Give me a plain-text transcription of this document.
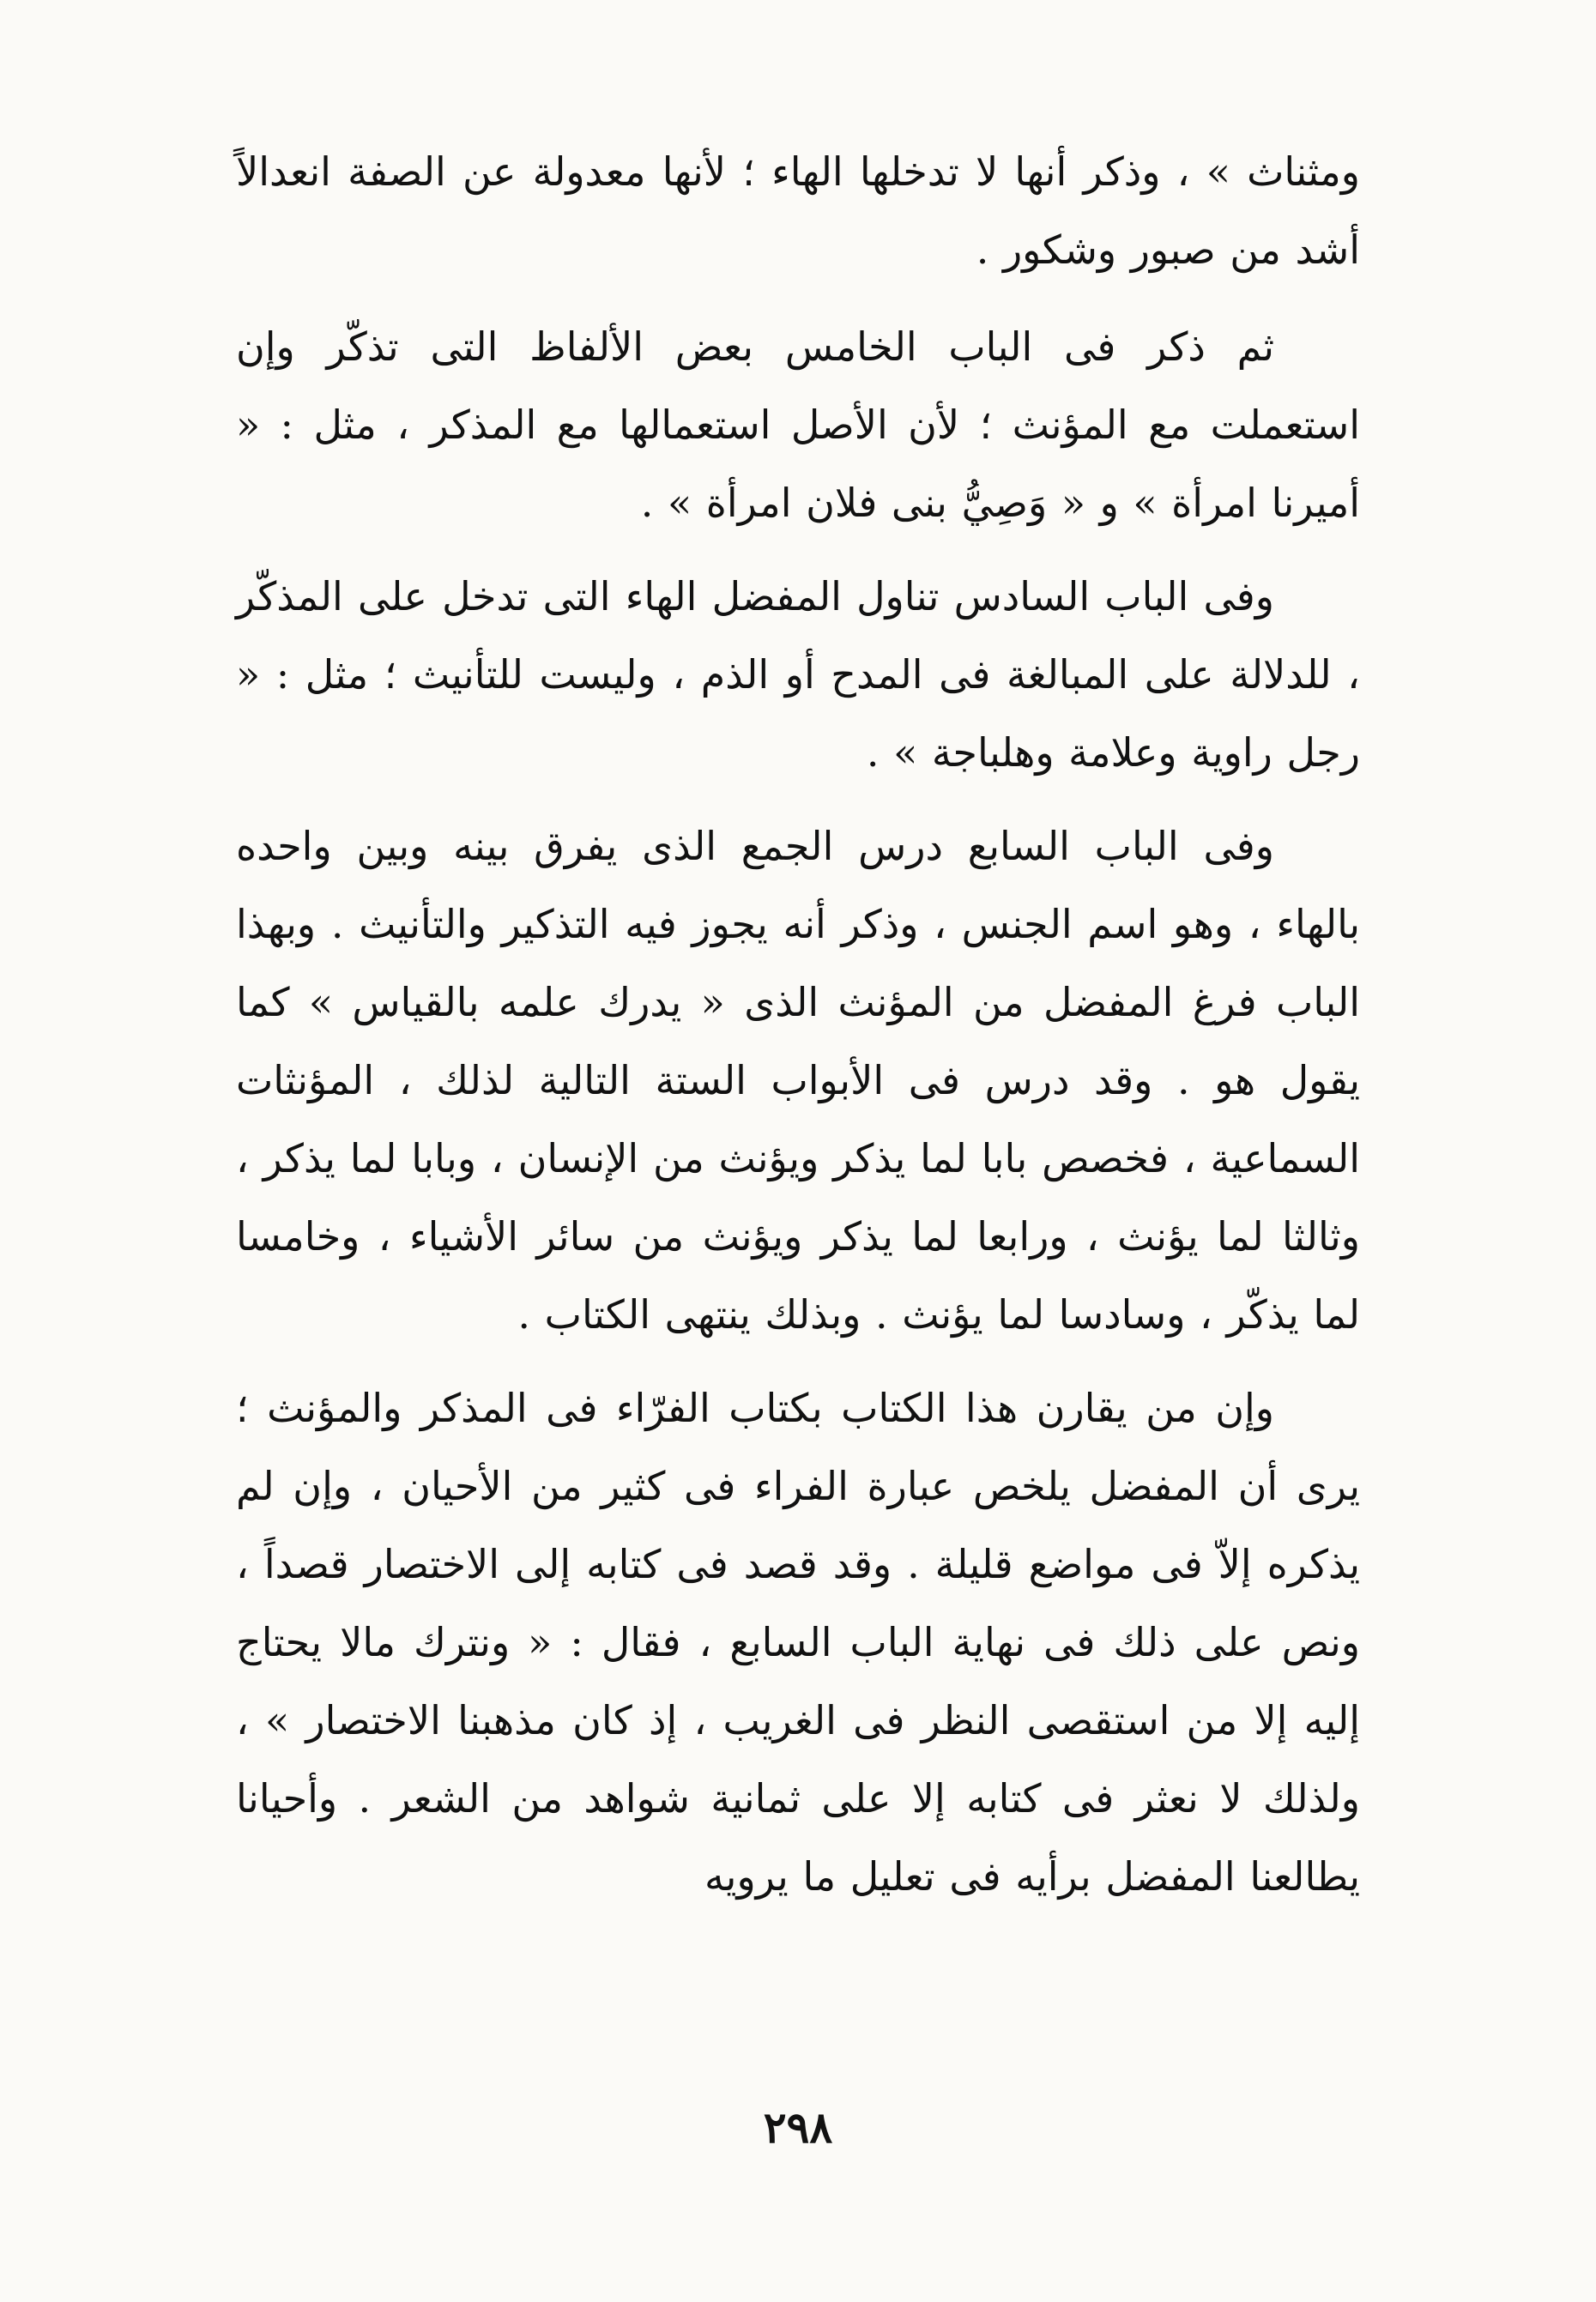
ومثناث » ، وذكر أنها لا تدخلها الهاء ؛ لأنها معدولة عن الصفة انعدالاً أشد من صبور وشكور .

ثم ذكر فى الباب الخامس بعض الألفاظ التى تذكّر وإن استعملت مع المؤنث ؛ لأن الأصل استعمالها مع المذكر ، مثل : « أميرنا امرأة » و « وَصِيُّ بنى فلان امرأة » .

وفى الباب السادس تناول المفضل الهاء التى تدخل على المذكّر ، للدلالة على المبالغة فى المدح أو الذم ، وليست للتأنيث ؛ مثل : « رجل راوية وعلامة وهلباجة » .

وفى الباب السابع درس الجمع الذى يفرق بينه وبين واحده بالهاء ، وهو اسم الجنس ، وذكر أنه يجوز فيه التذكير والتأنيث . وبهذا الباب فرغ المفضل من المؤنث الذى « يدرك علمه بالقياس » كما يقول هو . وقد درس فى الأبواب الستة التالية لذلك ، المؤنثات السماعية ، فخصص بابا لما يذكر ويؤنث من الإنسان ، وبابا لما يذكر ، وثالثا لما يؤنث ، ورابعا لما يذكر ويؤنث من سائر الأشياء ، وخامسا لما يذكّر ، وسادسا لما يؤنث . وبذلك ينتهى الكتاب .

وإن من يقارن هذا الكتاب بكتاب الفرّاء فى المذكر والمؤنث ؛ يرى أن المفضل يلخص عبارة الفراء فى كثير من الأحيان ، وإن لم يذكره إلاّ فى مواضع قليلة . وقد قصد فى كتابه إلى الاختصار قصداً ، ونص على ذلك فى نهاية الباب السابع ، فقال : « ونترك مالا يحتاج إليه إلا من استقصى النظر فى الغريب ، إذ كان مذهبنا الاختصار » ، ولذلك لا نعثر فى كتابه إلا على ثمانية شواهد من الشعر . وأحيانا يطالعنا المفضل برأيه فى تعليل ما يرويه

٢٩٨
